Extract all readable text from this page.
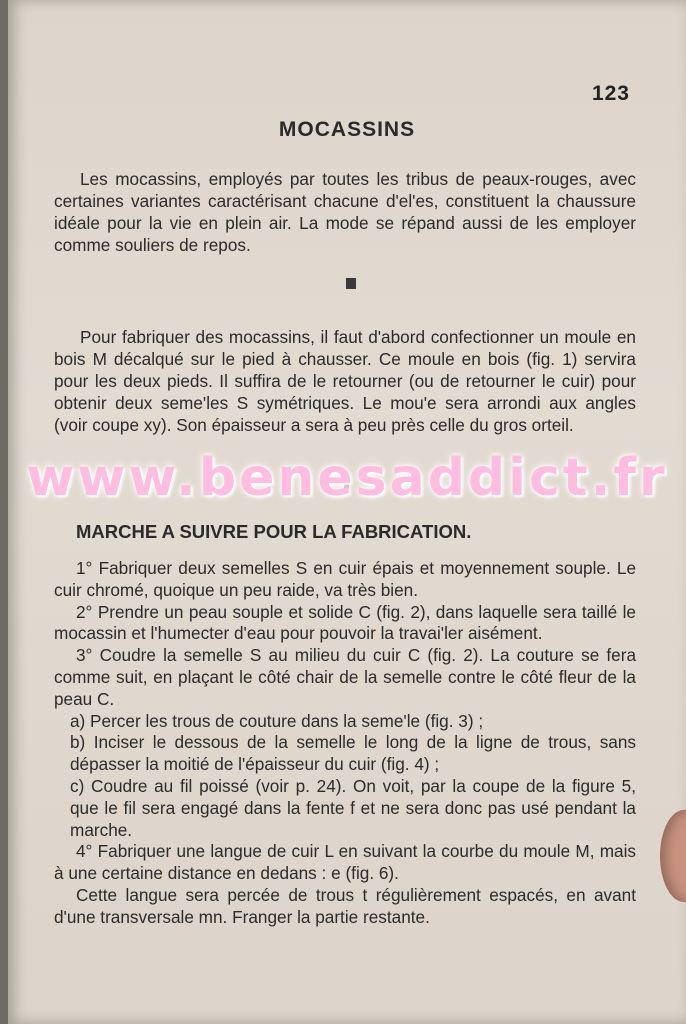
123
MOCASSINS

Les mocassins, employés par toutes les tribus de peaux-rouges, avec certaines variantes caractérisant chacune d'el'es, constituent la chaussure idéale pour la vie en plein air. La mode se répand aussi de les employer comme souliers de repos.

Pour fabriquer des mocassins, il faut d'abord confectionner un moule en bois M décalqué sur le pied à chausser. Ce moule en bois (fig. 1) servira pour les deux pieds. Il suffira de le retourner (ou de retourner le cuir) pour obtenir deux seme'les S symétriques. Le mou'e sera arrondi aux angles (voir coupe xy). Son épaisseur a sera à peu près celle du gros orteil.

MARCHE A SUIVRE POUR LA FABRICATION.

1° Fabriquer deux semelles S en cuir épais et moyennement souple. Le cuir chromé, quoique un peu raide, va très bien.

2° Prendre un peau souple et solide C (fig. 2), dans laquelle sera taillé le mocassin et l'humecter d'eau pour pouvoir la travai'ler aisément.

3° Coudre la semelle S au milieu du cuir C (fig. 2). La couture se fera comme suit, en plaçant le côté chair de la semelle contre le côté fleur de la peau C.

a) Percer les trous de couture dans la seme'le (fig. 3) ;

b) Inciser le dessous de la semelle le long de la ligne de trous, sans dépasser la moitié de l'épaisseur du cuir (fig. 4) ;

c) Coudre au fil poissé (voir p. 24). On voit, par la coupe de la figure 5, que le fil sera engagé dans la fente f et ne sera donc pas usé pendant la marche.

4° Fabriquer une langue de cuir L en suivant la courbe du moule M, mais à une certaine distance en dedans : e (fig. 6).

Cette langue sera percée de trous t régulièrement espacés, en avant d'une transversale mn. Franger la partie restante.

www.benesaddict.fr
